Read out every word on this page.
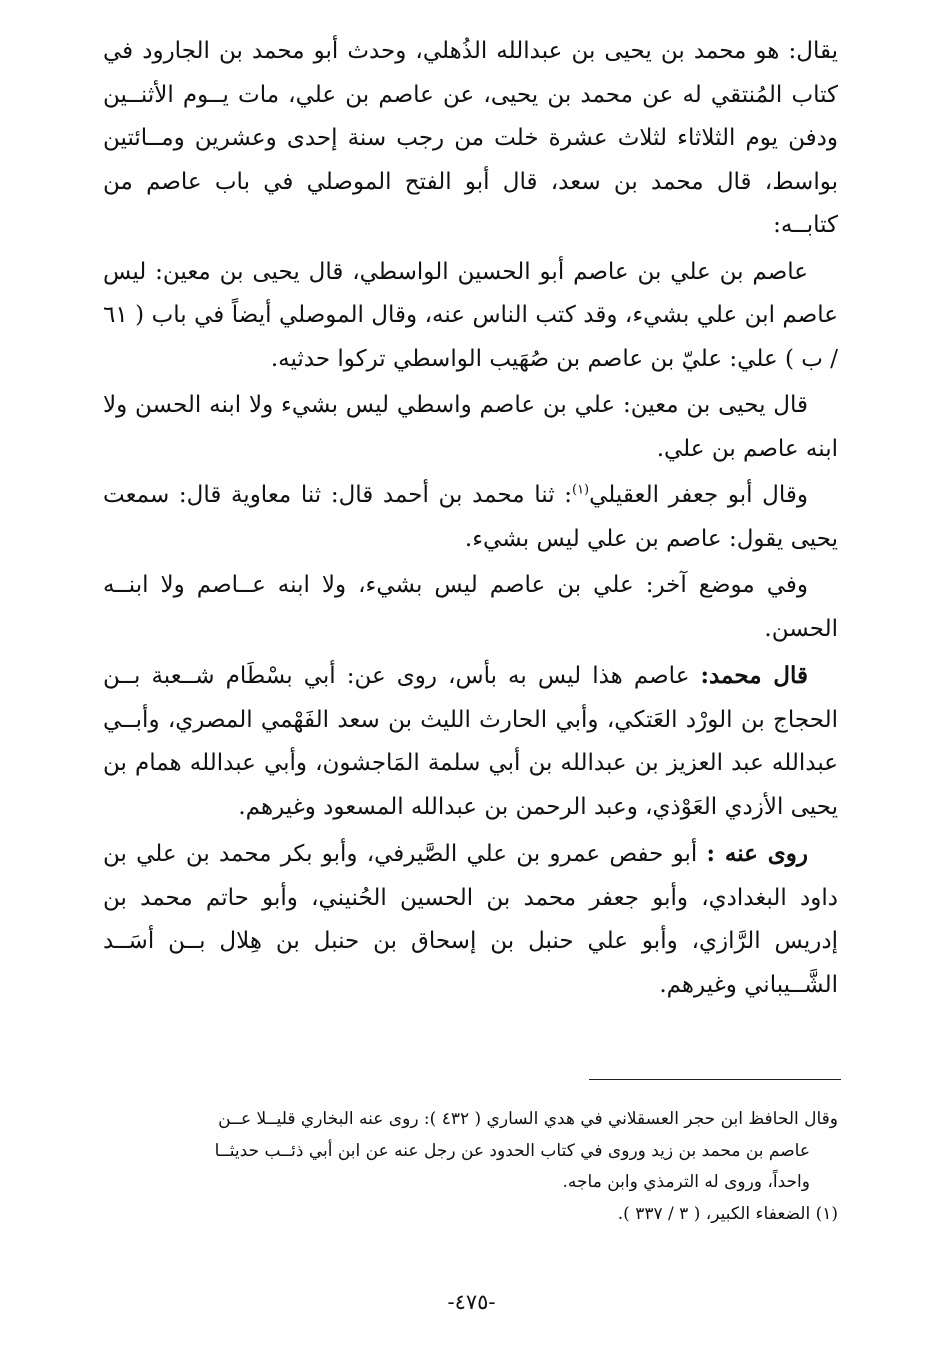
يقال: هو محمد بن يحيى بن عبدالله الذُهلي، وحدث أبو محمد بن الجارود في كتاب المُنتقي له عن محمد بن يحيى، عن عاصم بن علي، مات يــوم الأثنــين ودفن يوم الثلاثاء لثلاث عشرة خلت من رجب سنة إحدى وعشرين ومــائتين بواسط، قال محمد بن سعد، قال أبو الفتح الموصلي في باب عاصم من كتابــه:

عاصم بن علي بن عاصم أبو الحسين الواسطي، قال يحيى بن معين: ليس عاصم ابن علي بشيء، وقد كتب الناس عنه، وقال الموصلي أيضاً في باب ( ٦١ / ب ) علي: عليّ بن عاصم بن صُهَيب الواسطي تركوا حدثيه.

قال يحيى بن معين: علي بن عاصم واسطي ليس بشيء ولا ابنه الحسن ولا ابنه عاصم بن علي.

وقال أبو جعفر العقيلي$^{(١)}$: ثنا محمد بن أحمد قال: ثنا معاوية قال: سمعت يحيى يقول: عاصم بن علي ليس بشيء.

وفي موضع آخر: علي بن عاصم ليس بشيء، ولا ابنه عــاصم ولا ابنــه الحسن.

قال محمد: عاصم هذا ليس به بأس، روى عن: أبي بسْطَام شــعبة بــن الحجاج بن الورْد العَتكي، وأبي الحارث الليث بن سعد الفَهْمي المصري، وأبــي عبدالله عبد العزيز بن عبدالله بن أبي سلمة المَاجشون، وأبي عبدالله همام بن يحيى الأزدي العَوْذي، وعبد الرحمن بن عبدالله المسعود وغيرهم.

روى عنه : أبو حفص عمرو بن علي الصَّيرفي، وأبو بكر محمد بن علي بن داود البغدادي، وأبو جعفر محمد بن الحسين الحُنيني، وأبو حاتم محمد بن إدريس الرَّازي، وأبو علي حنبل بن إسحاق بن حنبل بن هِلال بــن أسَــد الشَّــيباني وغيرهم.

وقال الحافظ ابن حجر العسقلاني في هدي الساري ( ٤٣٢ ): روى عنه البخاري قليــلا عــن

عاصم بن محمد بن زيد وروى في كتاب الحدود عن رجل عنه عن ابن أبي ذئــب حديثــا

واحداً، وروى له الترمذي وابن ماجه.

(١) الضعفاء الكبير، ( ٣ / ٣٣٧ ).

-٤٧٥-
